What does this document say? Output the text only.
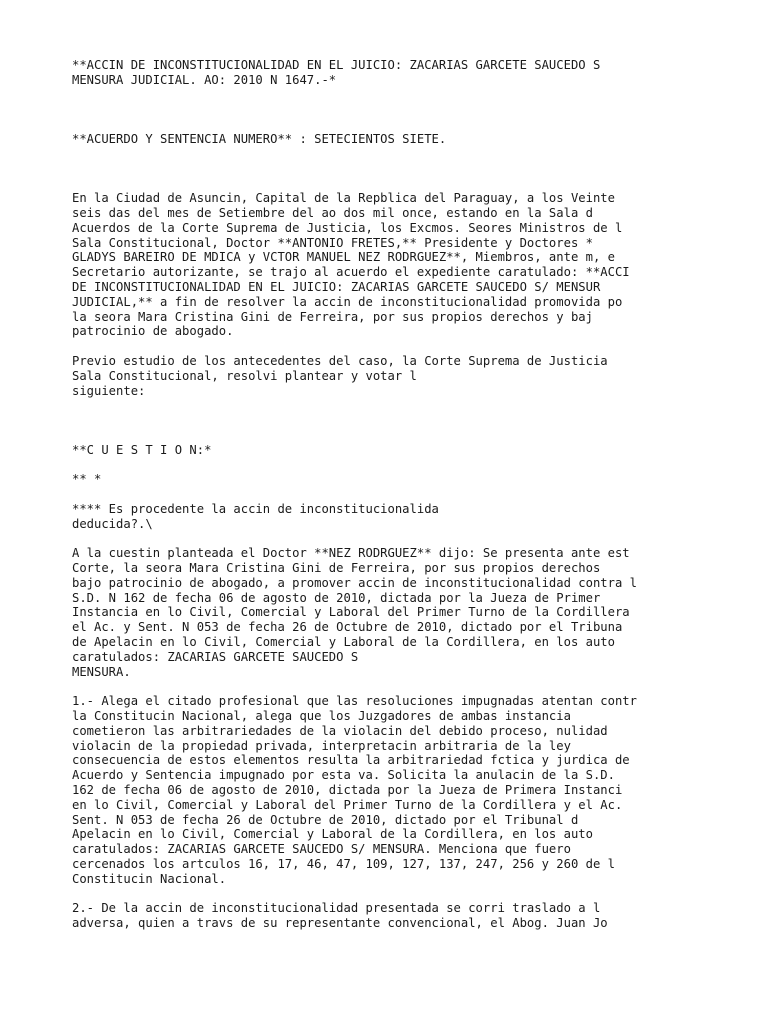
**ACCIN DE INCONSTITUCIONALIDAD EN EL JUICIO: ZACARIAS GARCETE SAUCEDO S
MENSURA JUDICIAL. AO: 2010 N 1647.-*
**ACUERDO Y SENTENCIA NUMERO** : SETECIENTOS SIETE.
En la Ciudad de Asuncin, Capital de la Repblica del Paraguay, a los Veinte
seis das del mes de Setiembre del ao dos mil once, estando en la Sala d
Acuerdos de la Corte Suprema de Justicia, los Excmos. Seores Ministros de l
Sala Constitucional, Doctor **ANTONIO FRETES,** Presidente y Doctores *
GLADYS BAREIRO DE MDICA y VCTOR MANUEL NEZ RODRGUEZ**, Miembros, ante m, e
Secretario autorizante, se trajo al acuerdo el expediente caratulado: **ACCI
DE INCONSTITUCIONALIDAD EN EL JUICIO: ZACARIAS GARCETE SAUCEDO S/ MENSUR
JUDICIAL,** a fin de resolver la accin de inconstitucionalidad promovida po
la seora Mara Cristina Gini de Ferreira, por sus propios derechos y baj
patrocinio de abogado.
Previo estudio de los antecedentes del caso, la Corte Suprema de Justicia
Sala Constitucional, resolvi plantear y votar l
siguiente:
**C U E S T I O N:*
** *
**** Es procedente la accin de inconstitucionalida
deducida?.\
A la cuestin planteada el Doctor **NEZ RODRGUEZ** dijo: Se presenta ante est
Corte, la seora Mara Cristina Gini de Ferreira, por sus propios derechos
bajo patrocinio de abogado, a promover accin de inconstitucionalidad contra l
S.D. N 162 de fecha 06 de agosto de 2010, dictada por la Jueza de Primer
Instancia en lo Civil, Comercial y Laboral del Primer Turno de la Cordillera
el Ac. y Sent. N 053 de fecha 26 de Octubre de 2010, dictado por el Tribuna
de Apelacin en lo Civil, Comercial y Laboral de la Cordillera, en los auto
caratulados: ZACARIAS GARCETE SAUCEDO S
MENSURA.
1.- Alega el citado profesional que las resoluciones impugnadas atentan contr
la Constitucin Nacional, alega que los Juzgadores de ambas instancia
cometieron las arbitrariedades de la violacin del debido proceso, nulidad
violacin de la propiedad privada, interpretacin arbitraria de la ley
consecuencia de estos elementos resulta la arbitrariedad fctica y jurdica de
Acuerdo y Sentencia impugnado por esta va. Solicita la anulacin de la S.D.
162 de fecha 06 de agosto de 2010, dictada por la Jueza de Primera Instanci
en lo Civil, Comercial y Laboral del Primer Turno de la Cordillera y el Ac.
Sent. N 053 de fecha 26 de Octubre de 2010, dictado por el Tribunal d
Apelacin en lo Civil, Comercial y Laboral de la Cordillera, en los auto
caratulados: ZACARIAS GARCETE SAUCEDO S/ MENSURA. Menciona que fuero
cercenados los artculos 16, 17, 46, 47, 109, 127, 137, 247, 256 y 260 de l
Constitucin Nacional.
2.- De la accin de inconstitucionalidad presentada se corri traslado a l
adversa, quien a travs de su representante convencional, el Abog. Juan Jo
